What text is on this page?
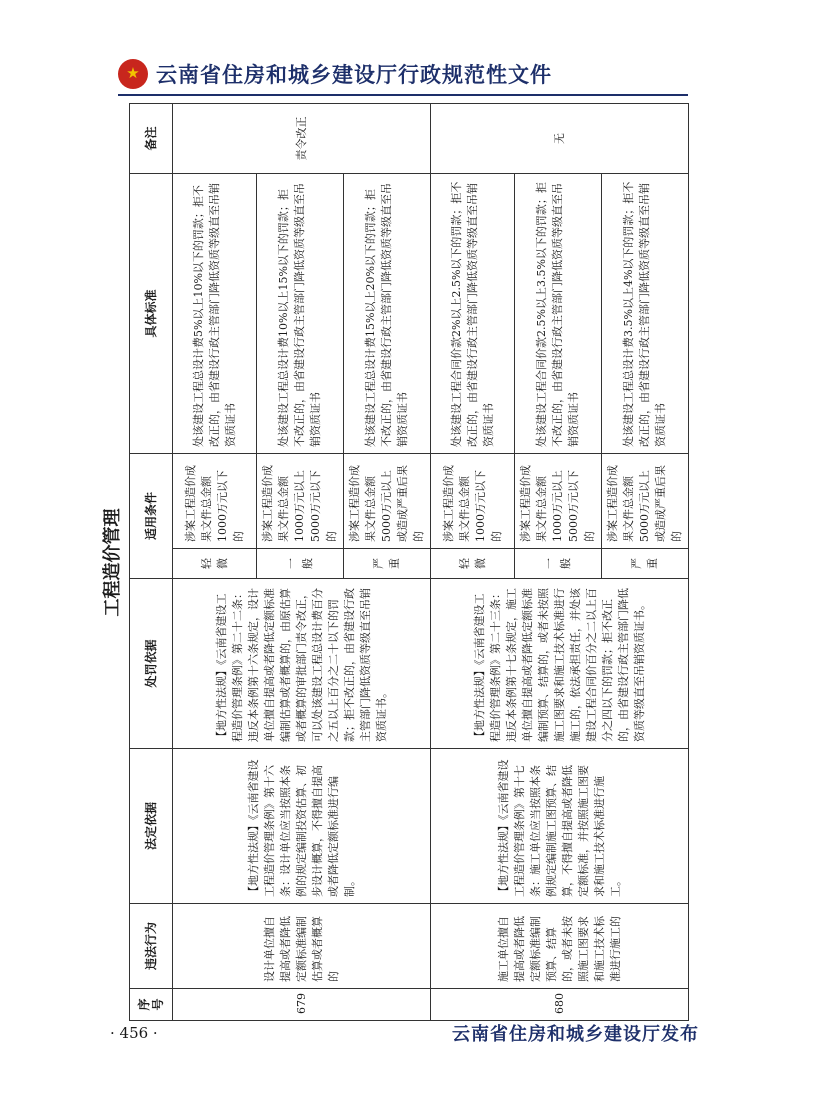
★
云南省住房和城乡建设厅行政规范性文件
工程造价管理
序号	违法行为	法定依据	处罚依据	适用条件		具体标准	备注
679	设计单位擅自提高或者降低定额标准编制估算或者概算的	【地方性法规】《云南省建设工程造价管理条例》第十六条：设计单位应当按照本条例的规定编制投资估算、初步设计概算，不得擅自提高或者降低定额标准进行编制。	【地方性法规】《云南省建设工程造价管理条例》第二十二条：违反本条例第十六条规定，设计单位擅自提高或者降低定额标准编制估算或者概算的，由原估算或者概算的审批部门责令改正，可以处该建设工程总设计费百分之五以上百分之二十以下的罚款；拒不改正的，由省建设行政主管部门降低资质等级直至吊销资质证书。	轻微	涉案工程造价成果文件总金额1000万元以下的	处该建设工程总设计费5%以上10%以下的罚款；拒不改正的，由省建设行政主管部门降低资质等级直至吊销资质证书	责令改正
				一般	涉案工程造价成果文件总金额1000万元以上5000万元以下的	处该建设工程总设计费10%以上15%以下的罚款；拒不改正的，由省建设行政主管部门降低资质等级直至吊销资质证书	
				严重	涉案工程造价成果文件总金额5000万元以上或造成严重后果的	处该建设工程总设计费15%以上20%以下的罚款；拒不改正的，由省建设行政主管部门降低资质等级直至吊销资质证书	
680	施工单位擅自提高或者降低定额标准编制预算、结算的，或者未按照施工图要求和施工技术标准进行施工的	【地方性法规】《云南省建设工程造价管理条例》第十七条：施工单位应当按照本条例规定编制施工图预算、结算，不得擅自提高或者降低定额标准，并按照施工图要求和施工技术标准进行施工。	【地方性法规】《云南省建设工程造价管理条例》第二十三条：违反本条例第十七条规定，施工单位擅自提高或者降低定额标准编制预算、结算的，或者未按照施工图要求和施工技术标准进行施工的，依法承担责任，并处该建设工程合同价百分之二以上百分之四以下的罚款；拒不改正的，由省建设行政主管部门降低资质等级直至吊销资质证书。	轻微	涉案工程造价成果文件总金额1000万元以下的	处该建设工程合同价款2%以上2.5%以下的罚款；拒不改正的，由省建设行政主管部门降低资质等级直至吊销资质证书	无
				一般	涉案工程造价成果文件总金额1000万元以上5000万元以下的	处该建设工程合同价款2.5%以上3.5%以下的罚款；拒不改正的，由省建设行政主管部门降低资质等级直至吊销资质证书	
				严重	涉案工程造价成果文件总金额5000万元以上或造成严重后果的	处该建设工程总设计费3.5%以上4%以下的罚款；拒不改正的，由省建设行政主管部门降低资质等级直至吊销资质证书	
· 456 ·	云南省住房和城乡建设厅发布
